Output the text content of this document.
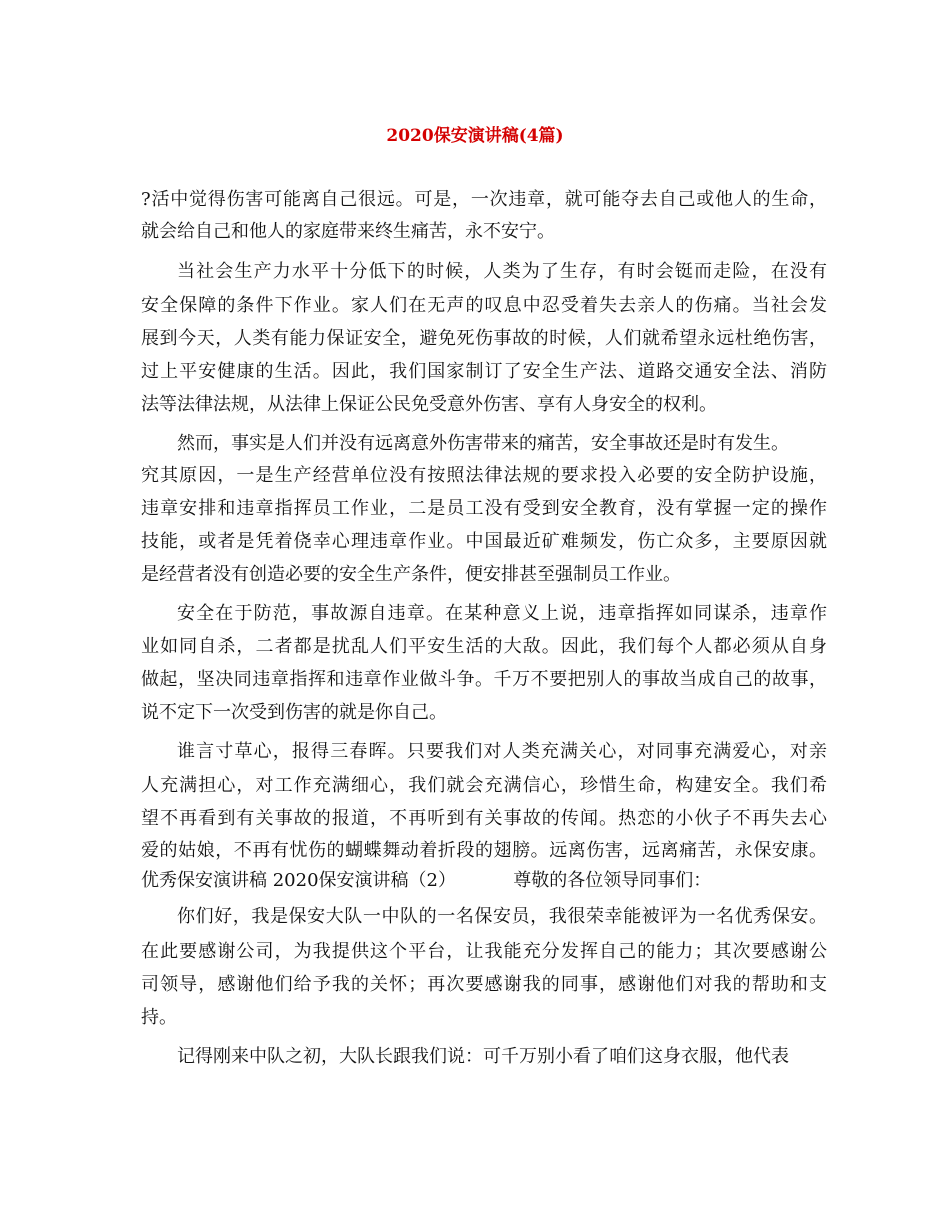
2020保安演讲稿(4篇)
?活中觉得伤害可能离自己很远。可是，一次违章，就可能夺去自己或他人的生命，
就会给自己和他人的家庭带来终生痛苦，永不安宁。
当社会生产力水平十分低下的时候，人类为了生存，有时会铤而走险，在没有
安全保障的条件下作业。家人们在无声的叹息中忍受着失去亲人的伤痛。当社会发
展到今天，人类有能力保证安全，避免死伤事故的时候，人们就希望永远杜绝伤害，
过上平安健康的生活。因此，我们国家制订了安全生产法、道路交通安全法、消防
法等法律法规，从法律上保证公民免受意外伤害、享有人身安全的权利。
然而，事实是人们并没有远离意外伤害带来的痛苦，安全事故还是时有发生。
究其原因，一是生产经营单位没有按照法律法规的要求投入必要的安全防护设施，
违章安排和违章指挥员工作业，二是员工没有受到安全教育，没有掌握一定的操作
技能，或者是凭着侥幸心理违章作业。中国最近矿难频发，伤亡众多，主要原因就
是经营者没有创造必要的安全生产条件，便安排甚至强制员工作业。
安全在于防范，事故源自违章。在某种意义上说，违章指挥如同谋杀，违章作
业如同自杀，二者都是扰乱人们平安生活的大敌。因此，我们每个人都必须从自身
做起，坚决同违章指挥和违章作业做斗争。千万不要把别人的事故当成自己的故事，
说不定下一次受到伤害的就是你自己。
谁言寸草心，报得三春晖。只要我们对人类充满关心，对同事充满爱心，对亲
人充满担心，对工作充满细心，我们就会充满信心，珍惜生命，构建安全。我们希
望不再看到有关事故的报道，不再听到有关事故的传闻。热恋的小伙子不再失去心
爱的姑娘，不再有忧伤的蝴蝶舞动着折段的翅膀。远离伤害，远离痛苦，永保安康。
优秀保安演讲稿 2020保安演讲稿（2）          尊敬的各位领导同事们：
你们好，我是保安大队一中队的一名保安员，我很荣幸能被评为一名优秀保安。
在此要感谢公司，为我提供这个平台，让我能充分发挥自己的能力；其次要感谢公
司领导，感谢他们给予我的关怀；再次要感谢我的同事，感谢他们对我的帮助和支
持。
记得刚来中队之初，大队长跟我们说：可千万别小看了咱们这身衣服，他代表
